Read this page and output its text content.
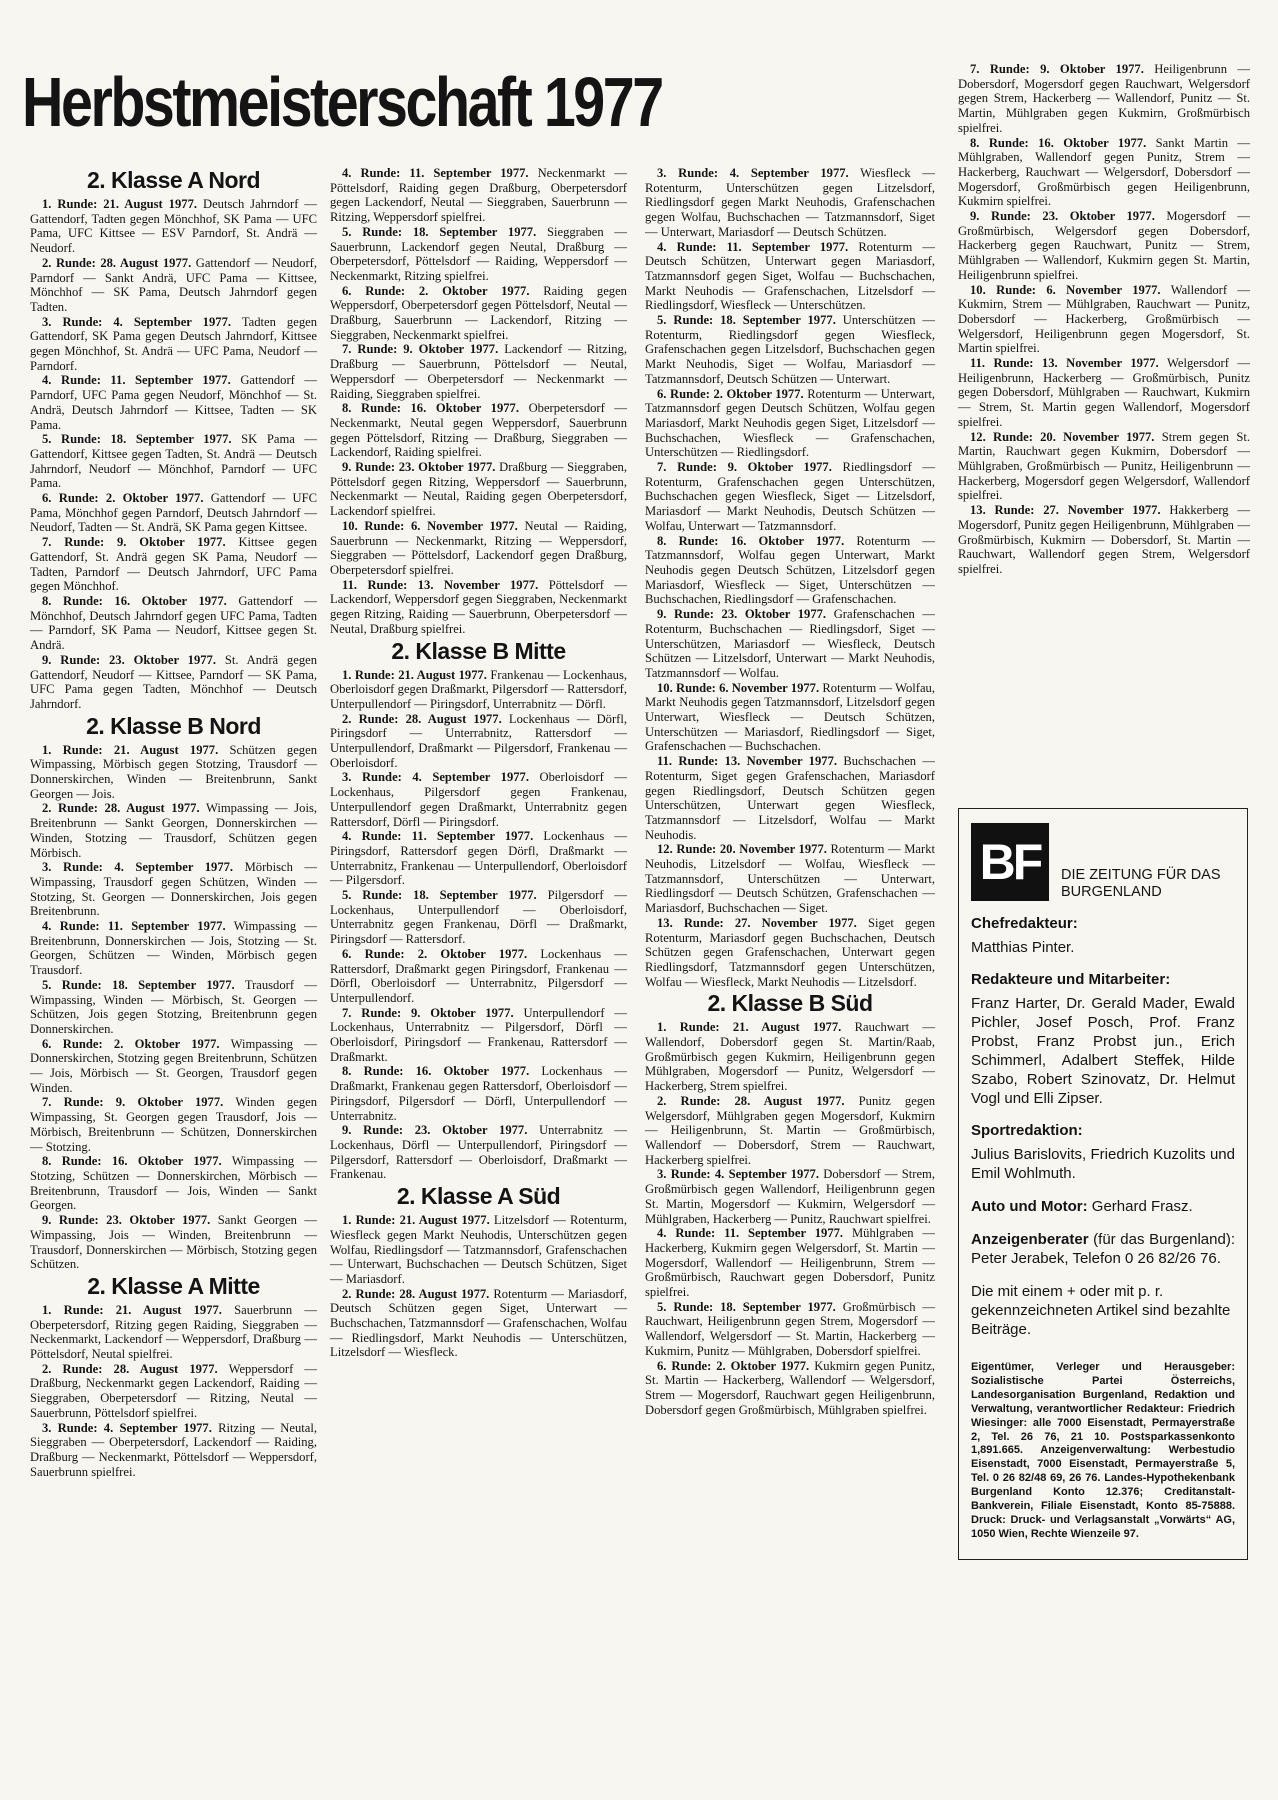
Herbstmeisterschaft 1977
2. Klasse A Nord

1. Runde: 21. August 1977. Deutsch Jahrndorf — Gattendorf, Tadten gegen Mönchhof, SK Pama — UFC Pama, UFC Kittsee — ESV Parndorf, St. Andrä — Neudorf.

2. Runde: 28. August 1977. Gattendorf — Neudorf, Parndorf — Sankt Andrä, UFC Pama — Kittsee, Mönchhof — SK Pama, Deutsch Jahrndorf gegen Tadten.

3. Runde: 4. September 1977. Tadten gegen Gattendorf, SK Pama gegen Deutsch Jahrndorf, Kittsee gegen Mönchhof, St. Andrä — UFC Pama, Neudorf — Parndorf.

4. Runde: 11. September 1977. Gattendorf — Parndorf, UFC Pama gegen Neudorf, Mönchhof — St. Andrä, Deutsch Jahrndorf — Kittsee, Tadten — SK Pama.

5. Runde: 18. September 1977. SK Pama — Gattendorf, Kittsee gegen Tadten, St. Andrä — Deutsch Jahrndorf, Neudorf — Mönchhof, Parndorf — UFC Pama.

6. Runde: 2. Oktober 1977. Gattendorf — UFC Pama, Mönchhof gegen Parndorf, Deutsch Jahrndorf — Neudorf, Tadten — St. Andrä, SK Pama gegen Kittsee.

7. Runde: 9. Oktober 1977. Kittsee gegen Gattendorf, St. Andrä gegen SK Pama, Neudorf — Tadten, Parndorf — Deutsch Jahrndorf, UFC Pama gegen Mönchhof.

8. Runde: 16. Oktober 1977. Gattendorf — Mönchhof, Deutsch Jahrndorf gegen UFC Pama, Tadten — Parndorf, SK Pama — Neudorf, Kittsee gegen St. Andrä.

9. Runde: 23. Oktober 1977. St. Andrä gegen Gattendorf, Neudorf — Kittsee, Parndorf — SK Pama, UFC Pama gegen Tadten, Mönchhof — Deutsch Jahrndorf.

2. Klasse B Nord

1. Runde: 21. August 1977. Schützen gegen Wimpassing, Mörbisch gegen Stotzing, Trausdorf — Donnerskirchen, Winden — Breitenbrunn, Sankt Georgen — Jois.

2. Runde: 28. August 1977. Wimpassing — Jois, Breitenbrunn — Sankt Georgen, Donnerskirchen — Winden, Stotzing — Trausdorf, Schützen gegen Mörbisch.

3. Runde: 4. September 1977. Mörbisch — Wimpassing, Trausdorf gegen Schützen, Winden — Stotzing, St. Georgen — Donnerskirchen, Jois gegen Breitenbrunn.

4. Runde: 11. September 1977. Wimpassing — Breitenbrunn, Donnerskirchen — Jois, Stotzing — St. Georgen, Schützen — Winden, Mörbisch gegen Trausdorf.

5. Runde: 18. September 1977. Trausdorf — Wimpassing, Winden — Mörbisch, St. Georgen — Schützen, Jois gegen Stotzing, Breitenbrunn gegen Donnerskirchen.

6. Runde: 2. Oktober 1977. Wimpassing — Donnerskirchen, Stotzing gegen Breitenbrunn, Schützen — Jois, Mörbisch — St. Georgen, Trausdorf gegen Winden.

7. Runde: 9. Oktober 1977. Winden gegen Wimpassing, St. Georgen gegen Trausdorf, Jois — Mörbisch, Breitenbrunn — Schützen, Donnerskirchen — Stotzing.

8. Runde: 16. Oktober 1977. Wimpassing — Stotzing, Schützen — Donnerskirchen, Mörbisch — Breitenbrunn, Trausdorf — Jois, Winden — Sankt Georgen.

9. Runde: 23. Oktober 1977. Sankt Georgen — Wimpassing, Jois — Winden, Breitenbrunn — Trausdorf, Donnerskirchen — Mörbisch, Stotzing gegen Schützen.

2. Klasse A Mitte

1. Runde: 21. August 1977. Sauerbrunn — Oberpetersdorf, Ritzing gegen Raiding, Sieggraben — Neckenmarkt, Lackendorf — Weppersdorf, Draßburg — Pöttelsdorf, Neutal spielfrei.

2. Runde: 28. August 1977. Weppersdorf — Draßburg, Neckenmarkt gegen Lackendorf, Raiding — Sieggraben, Oberpetersdorf — Ritzing, Neutal — Sauerbrunn, Pöttelsdorf spielfrei.

3. Runde: 4. September 1977. Ritzing — Neutal, Sieggraben — Oberpetersdorf, Lackendorf — Raiding, Draßburg — Neckenmarkt, Pöttelsdorf — Weppersdorf, Sauerbrunn spielfrei.

4. Runde: 11. September 1977. Neckenmarkt — Pöttelsdorf, Raiding gegen Draßburg, Oberpetersdorf gegen Lackendorf, Neutal — Sieggraben, Sauerbrunn — Ritzing, Weppersdorf spielfrei.

5. Runde: 18. September 1977. Sieggraben — Sauerbrunn, Lackendorf gegen Neutal, Draßburg — Oberpetersdorf, Pöttelsdorf — Raiding, Weppersdorf — Neckenmarkt, Ritzing spielfrei.

6. Runde: 2. Oktober 1977. Raiding gegen Weppersdorf, Oberpetersdorf gegen Pöttelsdorf, Neutal — Draßburg, Sauerbrunn — Lackendorf, Ritzing — Sieggraben, Neckenmarkt spielfrei.

7. Runde: 9. Oktober 1977. Lackendorf — Ritzing, Draßburg — Sauerbrunn, Pöttelsdorf — Neutal, Weppersdorf — Oberpetersdorf — Neckenmarkt — Raiding, Sieggraben spielfrei.

8. Runde: 16. Oktober 1977. Oberpetersdorf — Neckenmarkt, Neutal gegen Weppersdorf, Sauerbrunn gegen Pöttelsdorf, Ritzing — Draßburg, Sieggraben — Lackendorf, Raiding spielfrei.

9. Runde: 23. Oktober 1977. Draßburg — Sieggraben, Pöttelsdorf gegen Ritzing, Weppersdorf — Sauerbrunn, Neckenmarkt — Neutal, Raiding gegen Oberpetersdorf, Lackendorf spielfrei.

10. Runde: 6. November 1977. Neutal — Raiding, Sauerbrunn — Neckenmarkt, Ritzing — Weppersdorf, Sieggraben — Pöttelsdorf, Lackendorf gegen Draßburg, Oberpetersdorf spielfrei.

11. Runde: 13. November 1977. Pöttelsdorf — Lackendorf, Weppersdorf gegen Sieggraben, Neckenmarkt gegen Ritzing, Raiding — Sauerbrunn, Oberpetersdorf — Neutal, Draßburg spielfrei.

2. Klasse B Mitte

1. Runde: 21. August 1977. Frankenau — Lockenhaus, Oberloisdorf gegen Draßmarkt, Pilgersdorf — Rattersdorf, Unterpullendorf — Piringsdorf, Unterrabnitz — Dörfl.

2. Runde: 28. August 1977. Lockenhaus — Dörfl, Piringsdorf — Unterrabnitz, Rattersdorf — Unterpullendorf, Draßmarkt — Pilgersdorf, Frankenau — Oberloisdorf.

3. Runde: 4. September 1977. Oberloisdorf — Lockenhaus, Pilgersdorf gegen Frankenau, Unterpullendorf gegen Draßmarkt, Unterrabnitz gegen Rattersdorf, Dörfl — Piringsdorf.

4. Runde: 11. September 1977. Lockenhaus — Piringsdorf, Rattersdorf gegen Dörfl, Draßmarkt — Unterrabnitz, Frankenau — Unterpullendorf, Oberloisdorf — Pilgersdorf.

5. Runde: 18. September 1977. Pilgersdorf — Lockenhaus, Unterpullendorf — Oberloisdorf, Unterrabnitz gegen Frankenau, Dörfl — Draßmarkt, Piringsdorf — Rattersdorf.

6. Runde: 2. Oktober 1977. Lockenhaus — Rattersdorf, Draßmarkt gegen Piringsdorf, Frankenau — Dörfl, Oberloisdorf — Unterrabnitz, Pilgersdorf — Unterpullendorf.

7. Runde: 9. Oktober 1977. Unterpullendorf — Lockenhaus, Unterrabnitz — Pilgersdorf, Dörfl — Oberloisdorf, Piringsdorf — Frankenau, Rattersdorf — Draßmarkt.

8. Runde: 16. Oktober 1977. Lockenhaus — Draßmarkt, Frankenau gegen Rattersdorf, Oberloisdorf — Piringsdorf, Pilgersdorf — Dörfl, Unterpullendorf — Unterrabnitz.

9. Runde: 23. Oktober 1977. Unterrabnitz — Lockenhaus, Dörfl — Unterpullendorf, Piringsdorf — Pilgersdorf, Rattersdorf — Oberloisdorf, Draßmarkt — Frankenau.

2. Klasse A Süd

1. Runde: 21. August 1977. Litzelsdorf — Rotenturm, Wiesfleck gegen Markt Neuhodis, Unterschützen gegen Wolfau, Riedlingsdorf — Tatzmannsdorf, Grafenschachen — Unterwart, Buchschachen — Deutsch Schützen, Siget — Mariasdorf.

2. Runde: 28. August 1977. Rotenturm — Mariasdorf, Deutsch Schützen gegen Siget, Unterwart — Buchschachen, Tatzmannsdorf — Grafenschachen, Wolfau — Riedlingsdorf, Markt Neuhodis — Unterschützen, Litzelsdorf — Wiesfleck.

3. Runde: 4. September 1977. Wiesfleck — Rotenturm, Unterschützen gegen Litzelsdorf, Riedlingsdorf gegen Markt Neuhodis, Grafenschachen gegen Wolfau, Buchschachen — Tatzmannsdorf, Siget — Unterwart, Mariasdorf — Deutsch Schützen.

4. Runde: 11. September 1977. Rotenturm — Deutsch Schützen, Unterwart gegen Mariasdorf, Tatzmannsdorf gegen Siget, Wolfau — Buchschachen, Markt Neuhodis — Grafenschachen, Litzelsdorf — Riedlingsdorf, Wiesfleck — Unterschützen.

5. Runde: 18. September 1977. Unterschützen — Rotenturm, Riedlingsdorf gegen Wiesfleck, Grafenschachen gegen Litzelsdorf, Buchschachen gegen Markt Neuhodis, Siget — Wolfau, Mariasdorf — Tatzmannsdorf, Deutsch Schützen — Unterwart.

6. Runde: 2. Oktober 1977. Rotenturm — Unterwart, Tatzmannsdorf gegen Deutsch Schützen, Wolfau gegen Mariasdorf, Markt Neuhodis gegen Siget, Litzelsdorf — Buchschachen, Wiesfleck — Grafenschachen, Unterschützen — Riedlingsdorf.

7. Runde: 9. Oktober 1977. Riedlingsdorf — Rotenturm, Grafenschachen gegen Unterschützen, Buchschachen gegen Wiesfleck, Siget — Litzelsdorf, Mariasdorf — Markt Neuhodis, Deutsch Schützen — Wolfau, Unterwart — Tatzmannsdorf.

8. Runde: 16. Oktober 1977. Rotenturm — Tatzmannsdorf, Wolfau gegen Unterwart, Markt Neuhodis gegen Deutsch Schützen, Litzelsdorf gegen Mariasdorf, Wiesfleck — Siget, Unterschützen — Buchschachen, Riedlingsdorf — Grafenschachen.

9. Runde: 23. Oktober 1977. Grafenschachen — Rotenturm, Buchschachen — Riedlingsdorf, Siget — Unterschützen, Mariasdorf — Wiesfleck, Deutsch Schützen — Litzelsdorf, Unterwart — Markt Neuhodis, Tatzmannsdorf — Wolfau.

10. Runde: 6. November 1977. Rotenturm — Wolfau, Markt Neuhodis gegen Tatzmannsdorf, Litzelsdorf gegen Unterwart, Wiesfleck — Deutsch Schützen, Unterschützen — Mariasdorf, Riedlingsdorf — Siget, Grafenschachen — Buchschachen.

11. Runde: 13. November 1977. Buchschachen — Rotenturm, Siget gegen Grafenschachen, Mariasdorf gegen Riedlingsdorf, Deutsch Schützen gegen Unterschützen, Unterwart gegen Wiesfleck, Tatzmannsdorf — Litzelsdorf, Wolfau — Markt Neuhodis.

12. Runde: 20. November 1977. Rotenturm — Markt Neuhodis, Litzelsdorf — Wolfau, Wiesfleck — Tatzmannsdorf, Unterschützen — Unterwart, Riedlingsdorf — Deutsch Schützen, Grafenschachen — Mariasdorf, Buchschachen — Siget.

13. Runde: 27. November 1977. Siget gegen Rotenturm, Mariasdorf gegen Buchschachen, Deutsch Schützen gegen Grafenschachen, Unterwart gegen Riedlingsdorf, Tatzmannsdorf gegen Unterschützen, Wolfau — Wiesfleck, Markt Neuhodis — Litzelsdorf.

2. Klasse B Süd

1. Runde: 21. August 1977. Rauchwart — Wallendorf, Dobersdorf gegen St. Martin/Raab, Großmürbisch gegen Kukmirn, Heiligenbrunn gegen Mühlgraben, Mogersdorf — Punitz, Welgersdorf — Hackerberg, Strem spielfrei.

2. Runde: 28. August 1977. Punitz gegen Welgersdorf, Mühlgraben gegen Mogersdorf, Kukmirn — Heiligenbrunn, St. Martin — Großmürbisch, Wallendorf — Dobersdorf, Strem — Rauchwart, Hackerberg spielfrei.

3. Runde: 4. September 1977. Dobersdorf — Strem, Großmürbisch gegen Wallendorf, Heiligenbrunn gegen St. Martin, Mogersdorf — Kukmirn, Welgersdorf — Mühlgraben, Hackerberg — Punitz, Rauchwart spielfrei.

4. Runde: 11. September 1977. Mühlgraben — Hackerberg, Kukmirn gegen Welgersdorf, St. Martin — Mogersdorf, Wallendorf — Heiligenbrunn, Strem — Großmürbisch, Rauchwart gegen Dobersdorf, Punitz spielfrei.

5. Runde: 18. September 1977. Großmürbisch — Rauchwart, Heiligenbrunn gegen Strem, Mogersdorf — Wallendorf, Welgersdorf — St. Martin, Hackerberg — Kukmirn, Punitz — Mühlgraben, Dobersdorf spielfrei.

6. Runde: 2. Oktober 1977. Kukmirn gegen Punitz, St. Martin — Hackerberg, Wallendorf — Welgersdorf, Strem — Mogersdorf, Rauchwart gegen Heiligenbrunn, Dobersdorf gegen Großmürbisch, Mühlgraben spielfrei.

7. Runde: 9. Oktober 1977. Heiligenbrunn — Dobersdorf, Mogersdorf gegen Rauchwart, Welgersdorf gegen Strem, Hackerberg — Wallendorf, Punitz — St. Martin, Mühlgraben gegen Kukmirn, Großmürbisch spielfrei.

8. Runde: 16. Oktober 1977. Sankt Martin — Mühlgraben, Wallendorf gegen Punitz, Strem — Hackerberg, Rauchwart — Welgersdorf, Dobersdorf — Mogersdorf, Großmürbisch gegen Heiligenbrunn, Kukmirn spielfrei.

9. Runde: 23. Oktober 1977. Mogersdorf — Großmürbisch, Welgersdorf gegen Dobersdorf, Hackerberg gegen Rauchwart, Punitz — Strem, Mühlgraben — Wallendorf, Kukmirn gegen St. Martin, Heiligenbrunn spielfrei.

10. Runde: 6. November 1977. Wallendorf — Kukmirn, Strem — Mühlgraben, Rauchwart — Punitz, Dobersdorf — Hackerberg, Großmürbisch — Welgersdorf, Heiligenbrunn gegen Mogersdorf, St. Martin spielfrei.

11. Runde: 13. November 1977. Welgersdorf — Heiligenbrunn, Hackerberg — Großmürbisch, Punitz gegen Dobersdorf, Mühlgraben — Rauchwart, Kukmirn — Strem, St. Martin gegen Wallendorf, Mogersdorf spielfrei.

12. Runde: 20. November 1977. Strem gegen St. Martin, Rauchwart gegen Kukmirn, Dobersdorf — Mühlgraben, Großmürbisch — Punitz, Heiligenbrunn — Hackerberg, Mogersdorf gegen Welgersdorf, Wallendorf spielfrei.

13. Runde: 27. November 1977. Hakkerberg — Mogersdorf, Punitz gegen Heiligenbrunn, Mühlgraben — Großmürbisch, Kukmirn — Dobersdorf, St. Martin — Rauchwart, Wallendorf gegen Strem, Welgersdorf spielfrei.

BF	DIE ZEITUNG FÜR DAS BURGENLAND
Chefredakteur:
Matthias Pinter.
Redakteure und Mitarbeiter:
Franz Harter, Dr. Gerald Mader, Ewald Pichler, Josef Posch, Prof. Franz Probst, Franz Probst jun., Erich Schimmerl, Adalbert Steffek, Hilde Szabo, Robert Szinovatz, Dr. Helmut Vogl und Elli Zipser.
Sportredaktion:
Julius Barislovits, Friedrich Kuzolits und Emil Wohlmuth.
Auto und Motor: Gerhard Frasz.
Anzeigenberater (für das Burgenland): Peter Jerabek, Telefon 0 26 82/26 76.
Die mit einem + oder mit p. r. gekennzeichneten Artikel sind bezahlte Beiträge.
Eigentümer, Verleger und Herausgeber: Sozialistische Partei Österreichs, Landesorganisation Burgenland, Redaktion und Verwaltung, verantwortlicher Redakteur: Friedrich Wiesinger: alle 7000 Eisenstadt, Permayerstraße 2, Tel. 26 76, 21 10. Postsparkassenkonto 1,891.665. Anzeigenverwaltung: Werbestudio Eisenstadt, 7000 Eisenstadt, Permayerstraße 5, Tel. 0 26 82/48 69, 26 76. Landes-Hypothekenbank Burgenland Konto 12.376; Creditanstalt-Bankverein, Filiale Eisenstadt, Konto 85-75888. Druck: Druck- und Verlagsanstalt „Vorwärts“ AG, 1050 Wien, Rechte Wienzeile 97.
